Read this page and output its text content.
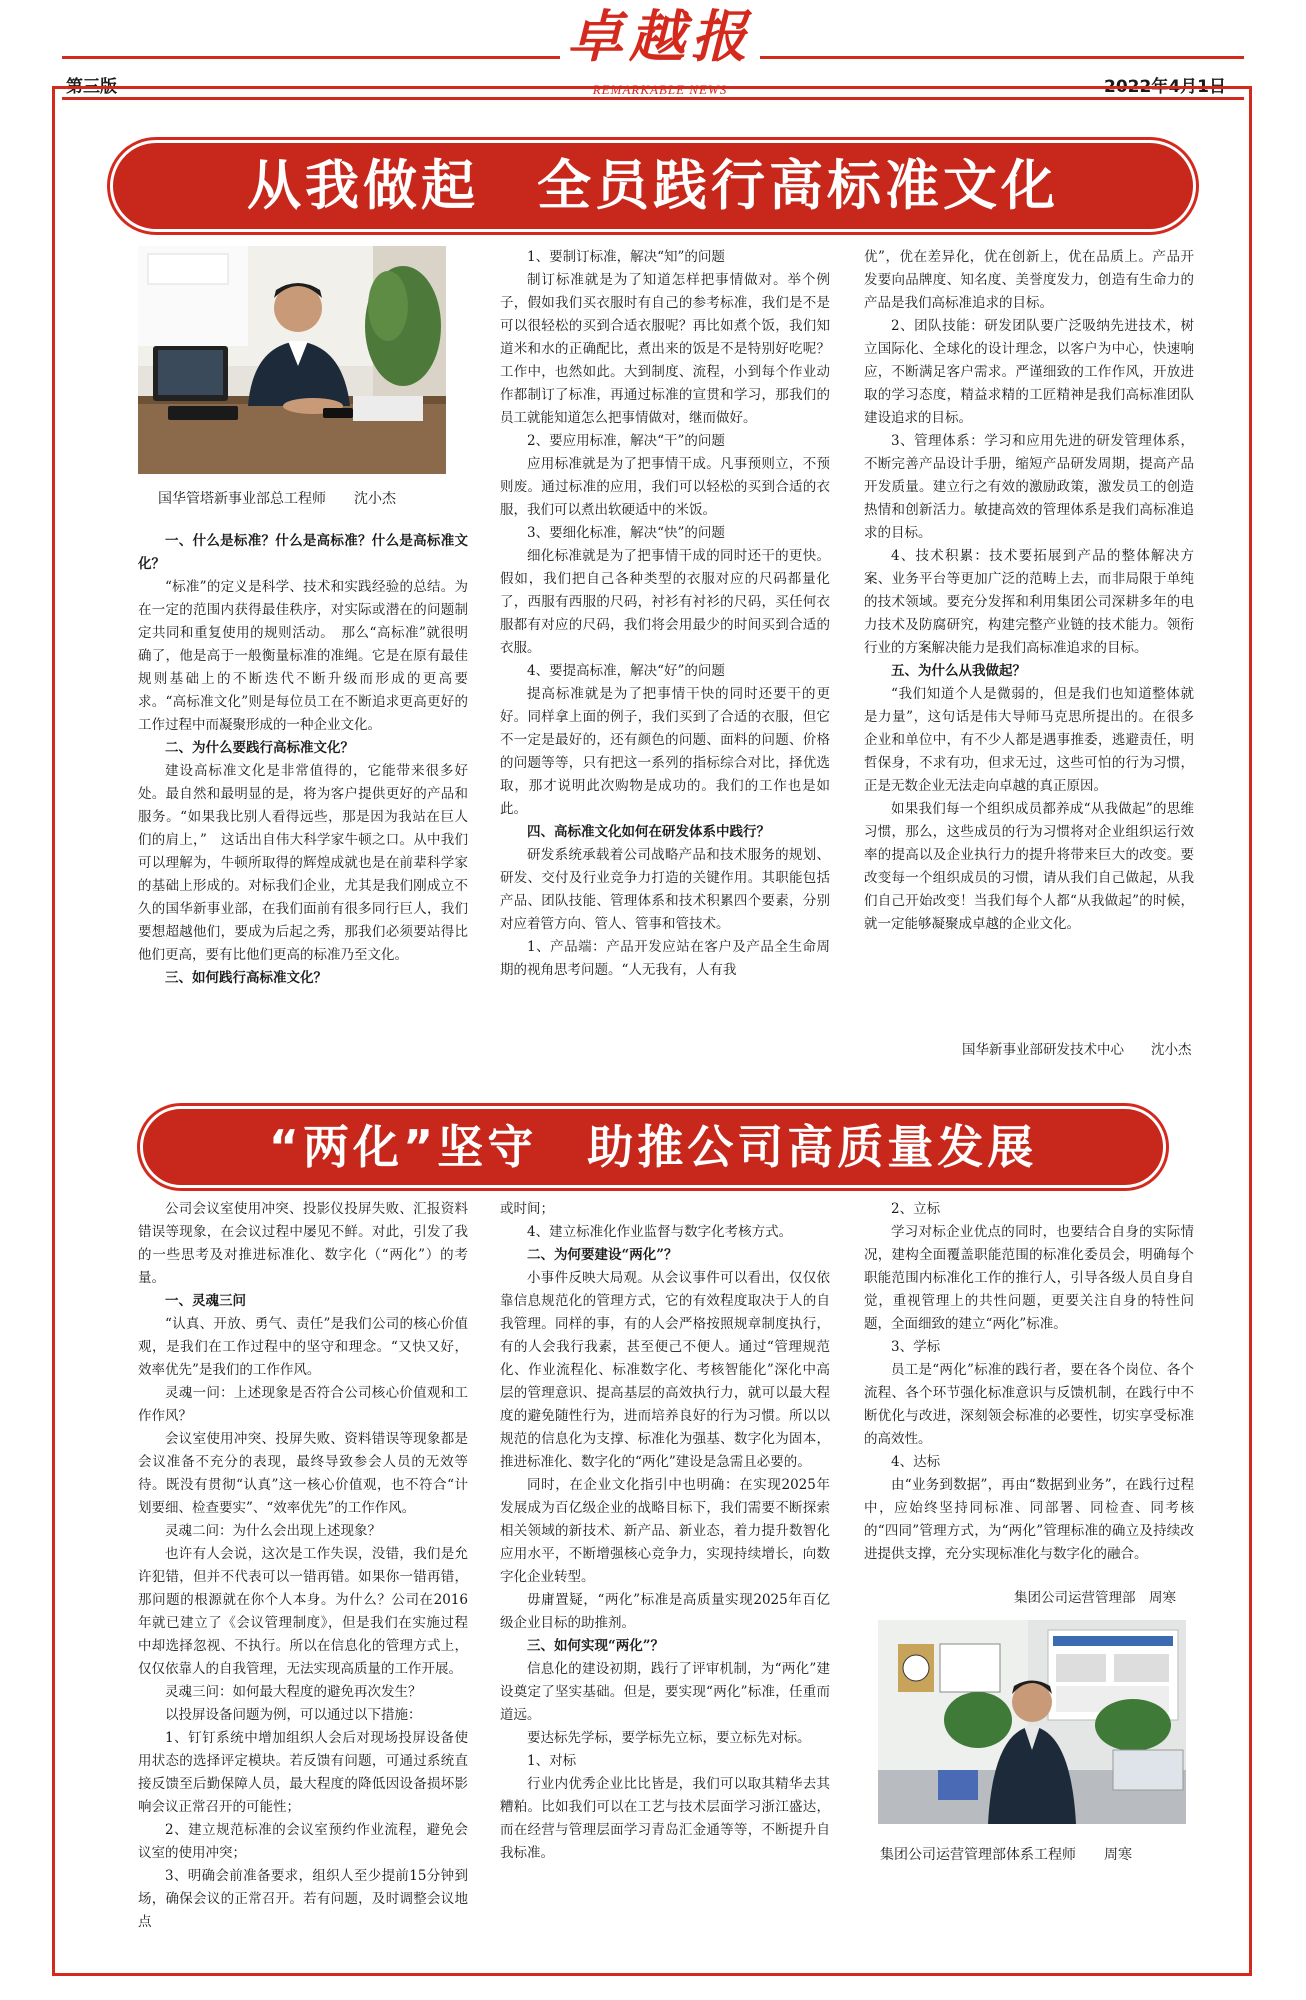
卓越报
REMARKABLE NEWS
第三版	2022年4月1日
从我做起　全员践行高标准文化
国华管塔新事业部总工程师　　沈小杰

一、什么是标准？什么是高标准？什么是高标准文化？

“标准”的定义是科学、技术和实践经验的总结。为在一定的范围内获得最佳秩序，对实际或潜在的问题制定共同和重复使用的规则活动。　那么“高标准”就很明确了，他是高于一般衡量标准的准绳。它是在原有最佳规则基础上的不断迭代不断升级而形成的更高要求。“高标准文化”则是每位员工在不断追求更高更好的工作过程中而凝聚形成的一种企业文化。

二、为什么要践行高标准文化？

建设高标准文化是非常值得的，它能带来很多好处。最自然和最明显的是，将为客户提供更好的产品和服务。“如果我比别人看得远些，那是因为我站在巨人们的肩上，”　这话出自伟大科学家牛顿之口。从中我们可以理解为，牛顿所取得的辉煌成就也是在前辈科学家的基础上形成的。对标我们企业，尤其是我们刚成立不久的国华新事业部，在我们面前有很多同行巨人，我们要想超越他们，要成为后起之秀，那我们必须要站得比他们更高，要有比他们更高的标准乃至文化。

三、如何践行高标准文化？

1、要制订标准，解决“知”的问题

制订标准就是为了知道怎样把事情做对。举个例子，假如我们买衣服时有自己的参考标准，我们是不是可以很轻松的买到合适衣服呢？再比如煮个饭，我们知道米和水的正确配比，煮出来的饭是不是特别好吃呢？工作中，也然如此。大到制度、流程，小到每个作业动作都制订了标准，再通过标准的宣贯和学习，那我们的员工就能知道怎么把事情做对，继而做好。

2、要应用标准，解决“干”的问题

应用标准就是为了把事情干成。凡事预则立，不预则废。通过标准的应用，我们可以轻松的买到合适的衣服，我们可以煮出软硬适中的米饭。

3、要细化标准，解决“快”的问题

细化标准就是为了把事情干成的同时还干的更快。假如，我们把自己各种类型的衣服对应的尺码都量化了，西服有西服的尺码，衬衫有衬衫的尺码，买任何衣服都有对应的尺码，我们将会用最少的时间买到合适的衣服。

4、要提高标准，解决“好”的问题

提高标准就是为了把事情干快的同时还要干的更好。同样拿上面的例子，我们买到了合适的衣服，但它不一定是最好的，还有颜色的问题、面料的问题、价格的问题等等，只有把这一系列的指标综合对比，择优选取，那才说明此次购物是成功的。我们的工作也是如此。

四、高标准文化如何在研发体系中践行？

研发系统承载着公司战略产品和技术服务的规划、研发、交付及行业竞争力打造的关键作用。其职能包括产品、团队技能、管理体系和技术积累四个要素，分别对应着管方向、管人、管事和管技术。

1、产品端：产品开发应站在客户及产品全生命周期的视角思考问题。“人无我有，人有我

优”，优在差异化，优在创新上，优在品质上。产品开发要向品牌度、知名度、美誉度发力，创造有生命力的产品是我们高标准追求的目标。

2、团队技能：研发团队要广泛吸纳先进技术，树立国际化、全球化的设计理念，以客户为中心，快速响应，不断满足客户需求。严谨细致的工作作风，开放进取的学习态度，精益求精的工匠精神是我们高标准团队建设追求的目标。

3、管理体系：学习和应用先进的研发管理体系，不断完善产品设计手册，缩短产品研发周期，提高产品开发质量。建立行之有效的激励政策，激发员工的创造热情和创新活力。敏捷高效的管理体系是我们高标准追求的目标。

4、技术积累：技术要拓展到产品的整体解决方案、业务平台等更加广泛的范畴上去，而非局限于单纯的技术领域。要充分发挥和利用集团公司深耕多年的电力技术及防腐研究，构建完整产业链的技术能力。领衔行业的方案解决能力是我们高标准追求的目标。

五、为什么从我做起？

“我们知道个人是微弱的，但是我们也知道整体就是力量”，这句话是伟大导师马克思所提出的。在很多企业和单位中，有不少人都是遇事推委，逃避责任，明哲保身，不求有功，但求无过，这些可怕的行为习惯，正是无数企业无法走向卓越的真正原因。

如果我们每一个组织成员都养成“从我做起”的思维习惯，那么，这些成员的行为习惯将对企业组织运行效率的提高以及企业执行力的提升将带来巨大的改变。要改变每一个组织成员的习惯，请从我们自己做起，从我们自己开始改变！当我们每个人都“从我做起”的时候，就一定能够凝聚成卓越的企业文化。

国华新事业部研发技术中心　　沈小杰
“两化”坚守　助推公司高质量发展

公司会议室使用冲突、投影仪投屏失败、汇报资料错误等现象，在会议过程中屡见不鲜。对此，引发了我的一些思考及对推进标准化、数字化（“两化”）的考量。

一、灵魂三问

“认真、开放、勇气、责任”是我们公司的核心价值观，是我们在工作过程中的坚守和理念。“又快又好，效率优先”是我们的工作作风。

灵魂一问：上述现象是否符合公司核心价值观和工作作风？

会议室使用冲突、投屏失败、资料错误等现象都是会议准备不充分的表现，最终导致参会人员的无效等待。既没有贯彻“认真”这一核心价值观，也不符合“计划要细、检查要实”、“效率优先”的工作作风。

灵魂二问：为什么会出现上述现象？

也许有人会说，这次是工作失误，没错，我们是允许犯错，但并不代表可以一错再错。如果你一错再错，那问题的根源就在你个人本身。为什么？公司在2016年就已建立了《会议管理制度》，但是我们在实施过程中却选择忽视、不执行。所以在信息化的管理方式上，仅仅依靠人的自我管理，无法实现高质量的工作开展。

灵魂三问：如何最大程度的避免再次发生？

以投屏设备问题为例，可以通过以下措施：

1、钉钉系统中增加组织人会后对现场投屏设备使用状态的选择评定模块。若反馈有问题，可通过系统直接反馈至后勤保障人员，最大程度的降低因设备损坏影响会议正常召开的可能性；

2、建立规范标准的会议室预约作业流程，避免会议室的使用冲突；

3、明确会前准备要求，组织人至少提前15分钟到场，确保会议的正常召开。若有问题，及时调整会议地点

或时间；

4、建立标准化作业监督与数字化考核方式。

二、为何要建设“两化”？

小事件反映大局观。从会议事件可以看出，仅仅依靠信息规范化的管理方式，它的有效程度取决于人的自我管理。同样的事，有的人会严格按照规章制度执行，有的人会我行我素，甚至便己不便人。通过“管理规范化、作业流程化、标准数字化、考核智能化”深化中高层的管理意识、提高基层的高效执行力，就可以最大程度的避免随性行为，进而培养良好的行为习惯。所以以规范的信息化为支撑、标准化为强基、数字化为固本，推进标准化、数字化的“两化”建设是急需且必要的。

同时，在企业文化指引中也明确：在实现2025年发展成为百亿级企业的战略目标下，我们需要不断探索相关领域的新技术、新产品、新业态，着力提升数智化应用水平，不断增强核心竞争力，实现持续增长，向数字化企业转型。

毋庸置疑，“两化”标准是高质量实现2025年百亿级企业目标的助推剂。

三、如何实现“两化”？

信息化的建设初期，践行了评审机制，为“两化”建设奠定了坚实基础。但是，要实现“两化”标准，任重而道远。

要达标先学标，要学标先立标，要立标先对标。

1、对标

行业内优秀企业比比皆是，我们可以取其精华去其糟粕。比如我们可以在工艺与技术层面学习浙江盛达，而在经营与管理层面学习青岛汇金通等等，不断提升自我标准。

2、立标

学习对标企业优点的同时，也要结合自身的实际情况，建构全面覆盖职能范围的标准化委员会，明确每个职能范围内标准化工作的推行人，引导各级人员自身自觉，重视管理上的共性问题，更要关注自身的特性问题，全面细致的建立“两化”标准。

3、学标

员工是“两化”标准的践行者，要在各个岗位、各个流程、各个环节强化标准意识与反馈机制，在践行中不断优化与改进，深刻领会标准的必要性，切实享受标准的高效性。

4、达标

由“业务到数据”，再由“数据到业务”，在践行过程中，应始终坚持同标准、同部署、同检查、同考核的“四同”管理方式，为“两化”管理标准的确立及持续改进提供支撑，充分实现标准化与数字化的融合。

集团公司运营管理部　周寒
集团公司运营管理部体系工程师　　周寒
